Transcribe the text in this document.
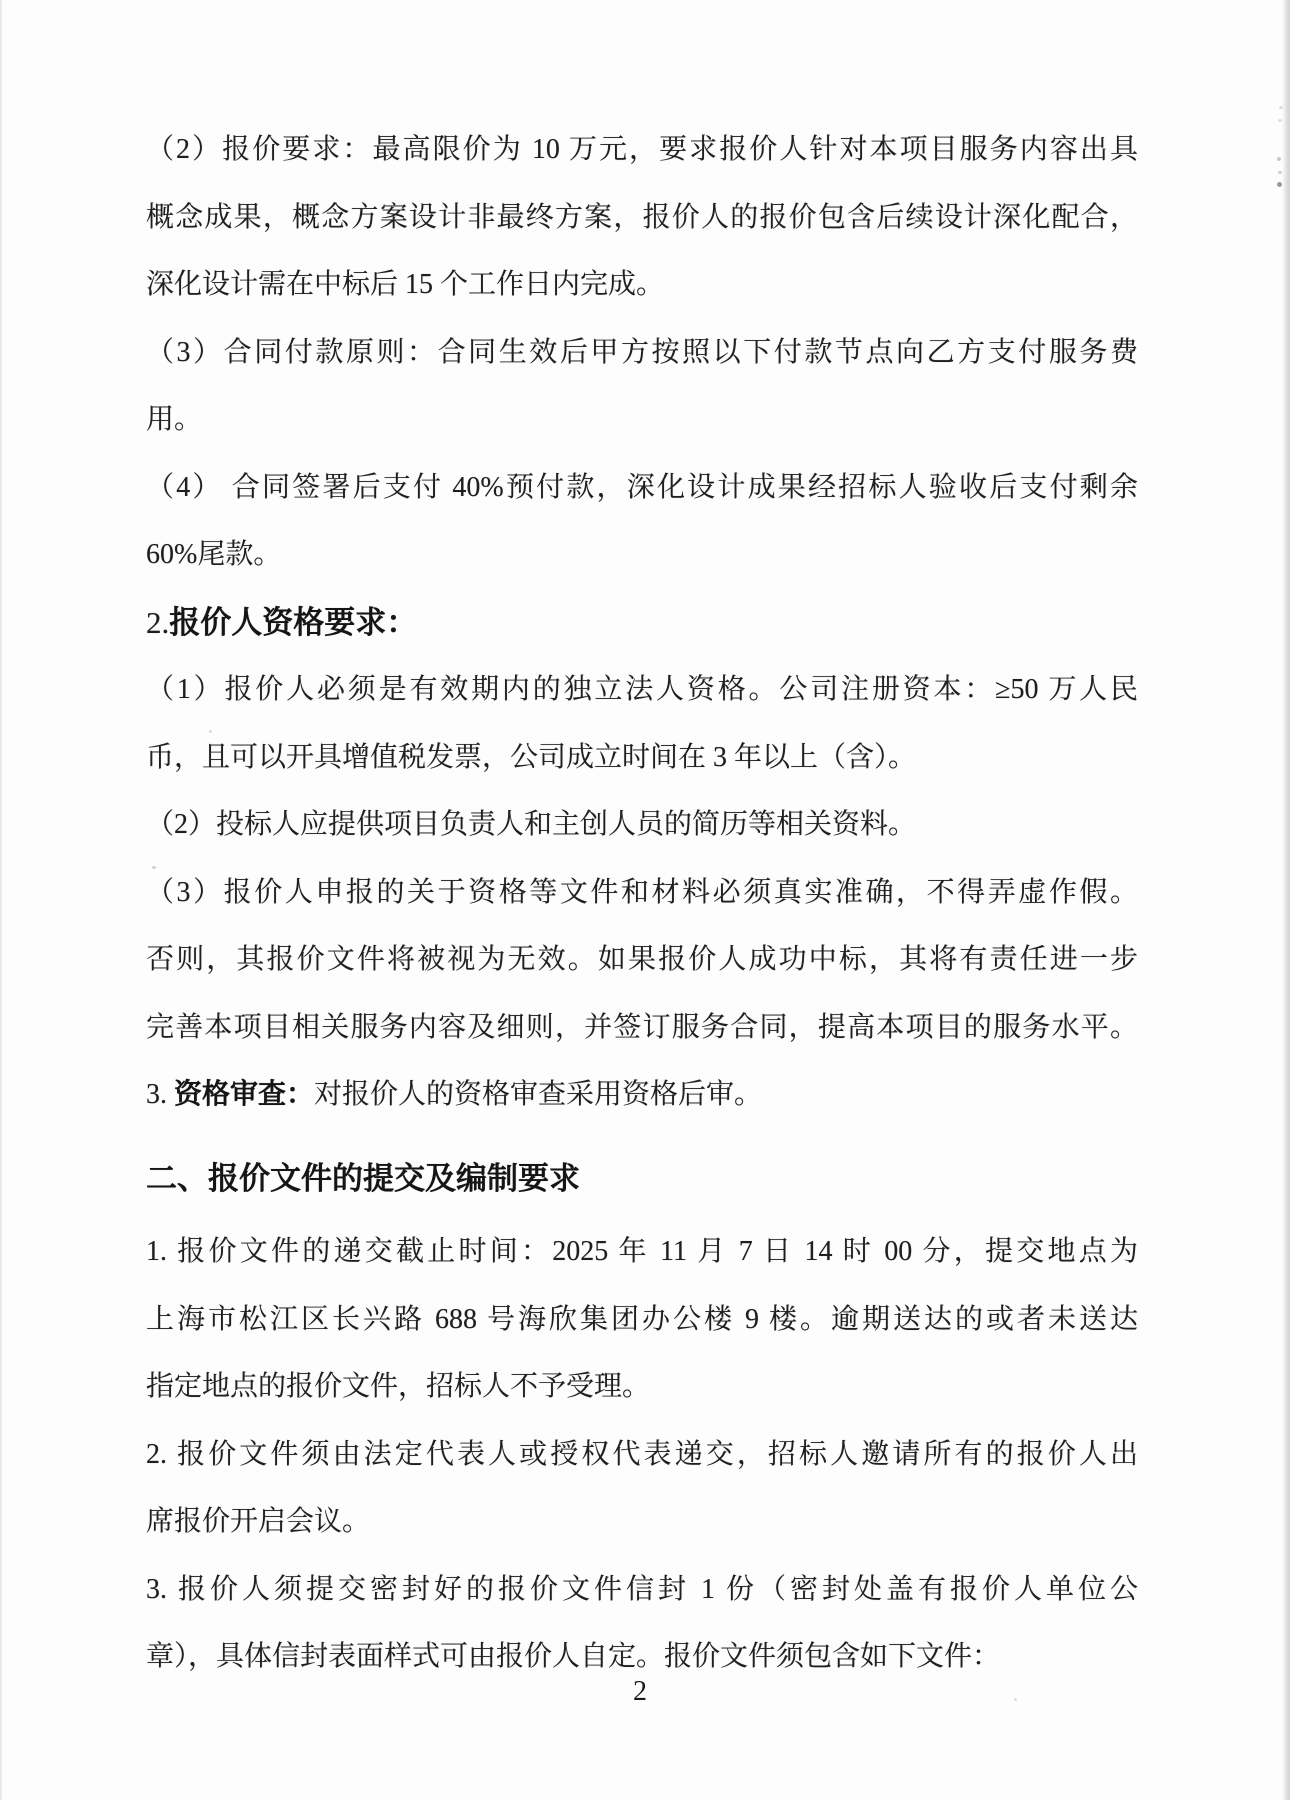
（2）报价要求：最高限价为 10 万元，要求报价人针对本项目服务内容出具
概念成果，概念方案设计非最终方案，报价人的报价包含后续设计深化配合，
深化设计需在中标后 15 个工作日内完成。
（3）合同付款原则：合同生效后甲方按照以下付款节点向乙方支付服务费
用。
（4） 合同签署后支付 40%预付款，深化设计成果经招标人验收后支付剩余
60%尾款。
2.报价人资格要求：
（1）报价人必须是有效期内的独立法人资格。公司注册资本：≥50 万人民
币，且可以开具增值税发票，公司成立时间在 3 年以上（含）。
（2）投标人应提供项目负责人和主创人员的简历等相关资料。
（3）报价人申报的关于资格等文件和材料必须真实准确，不得弄虚作假。
否则，其报价文件将被视为无效。如果报价人成功中标，其将有责任进一步
完善本项目相关服务内容及细则，并签订服务合同，提高本项目的服务水平。
3. 资格审查：对报价人的资格审查采用资格后审。
二、报价文件的提交及编制要求
1. 报价文件的递交截止时间：2025 年 11 月 7 日 14 时 00 分，提交地点为
上海市松江区长兴路 688 号海欣集团办公楼 9 楼。逾期送达的或者未送达
指定地点的报价文件，招标人不予受理。
2. 报价文件须由法定代表人或授权代表递交，招标人邀请所有的报价人出
席报价开启会议。
3. 报价人须提交密封好的报价文件信封 1 份（密封处盖有报价人单位公
章），具体信封表面样式可由报价人自定。报价文件须包含如下文件：
2
